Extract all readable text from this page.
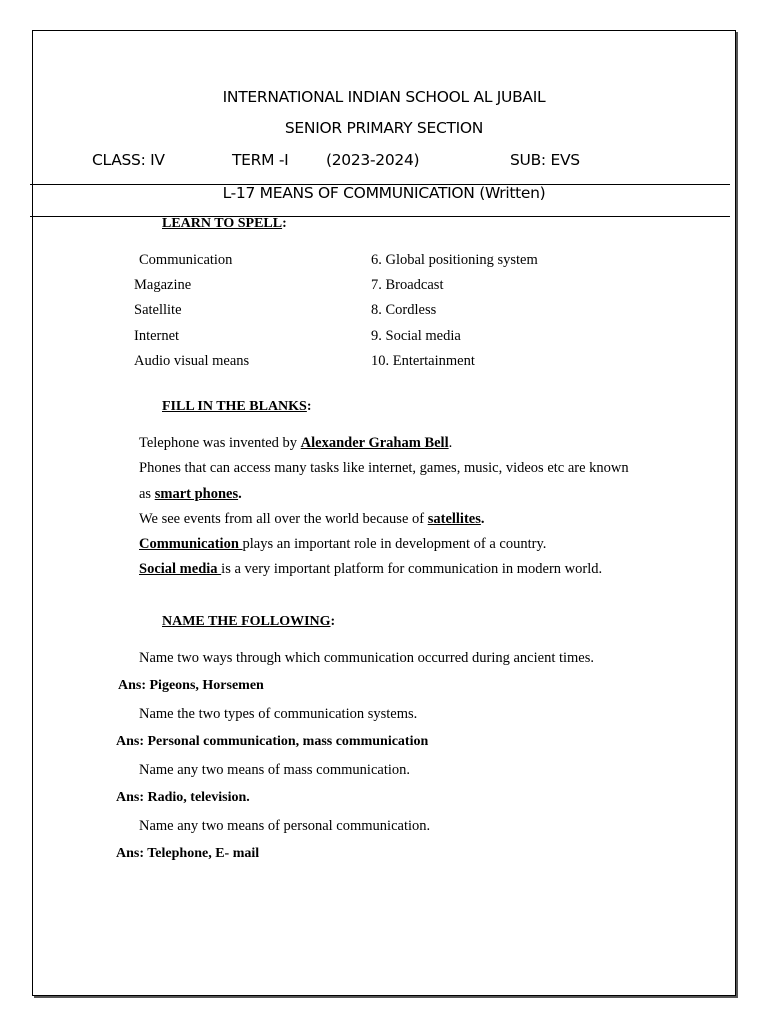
INTERNATIONAL INDIAN SCHOOL AL JUBAIL
SENIOR PRIMARY SECTION
CLASS: IV	TERM -I (2023-2024)	SUB: EVS
L-17 MEANS OF COMMUNICATION (Written)
LEARN TO SPELL:
Communication
Magazine
Satellite
Internet
Audio visual means
6. Global positioning system
7. Broadcast
8. Cordless
9. Social media
10. Entertainment
FILL IN THE BLANKS:
Telephone was invented by Alexander Graham Bell.
Phones that can access many tasks like internet, games, music, videos etc are known
as smart phones.
We see events from all over the world because of satellites.
Communication plays an important role in development of a country.
Social media is a very important platform for communication in modern world.
NAME THE FOLLOWING:
Name two ways through which communication occurred during ancient times.
Ans: Pigeons, Horsemen
Name the two types of communication systems.
Ans: Personal communication, mass communication
Name any two means of mass communication.
Ans: Radio, television.
Name any two means of personal communication.
Ans: Telephone, E- mail
